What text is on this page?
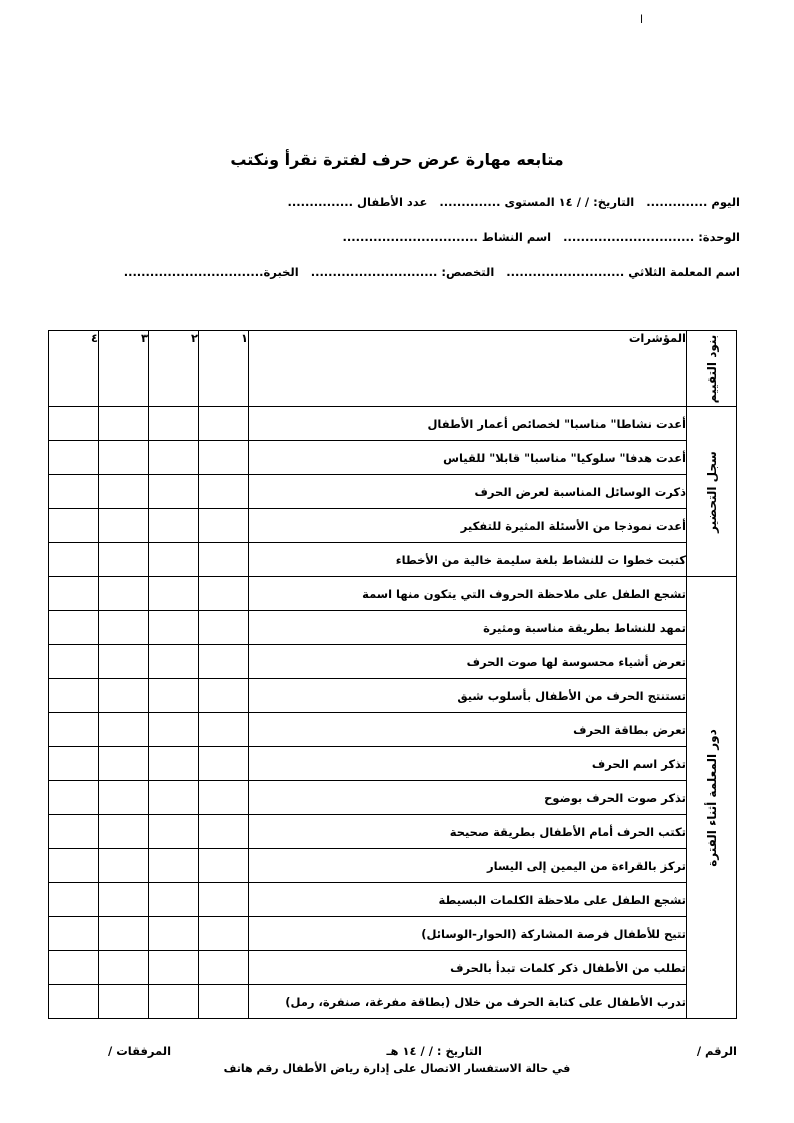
ا
متابعه مهارة عرض حرف لفترة نقرأ ونكتب
اليوم .............. التاريخ: / / ١٤ المستوى .............. عدد الأطفال ...............
الوحدة: .............................. اسم النشاط ...............................
اسم المعلمة الثلاثي ........................... التخصص: ............................. الخبرة................................
بنود التقييم	المؤشرات	١	٢	٣	٤

سجل التحضير	أعدت نشاطا" مناسبا" لخصائص أعمار الأطفال				
	أعدت هدفا" سلوكيا" مناسبا" قابلا" للقياس				
	ذكرت الوسائل المناسبة لعرض الحرف				
	أعدت نموذجا من الأسئلة المثيرة للتفكير				
	كتبت خطوا ت للنشاط بلغة سليمة خالية من الأخطاء				

دور المعلمة أثناء الفترة	تشجع الطفل على ملاحظة الحروف التي يتكون منها اسمة				
	تمهد للنشاط بطريقة مناسبة ومثيرة				
	تعرض أشياء محسوسة لها صوت الحرف				
	تستنتج الحرف من الأطفال بأسلوب شيق				
	تعرض بطاقة الحرف				
	تذكر اسم الحرف				
	تذكر صوت الحرف بوضوح				
	تكتب الحرف أمام الأطفال بطريقة صحيحة				
	تركز بالقراءة من اليمين إلى اليسار				
	تشجع الطفل على ملاحظة الكلمات البسيطة				
	تتيح للأطفال فرصة المشاركة (الحوار-الوسائل)				
	تطلب من الأطفال ذكر كلمات تبدأ بالحرف				
	تدرب الأطفال على كتابة الحرف من خلال (بطاقة مفرغة، صنفرة، رمل)				
الرقم /
التاريخ : / / ١٤ هـ
المرفقات /
في حالة الاستفسار الاتصال على إدارة رياض الأطفال رقم هاتف
